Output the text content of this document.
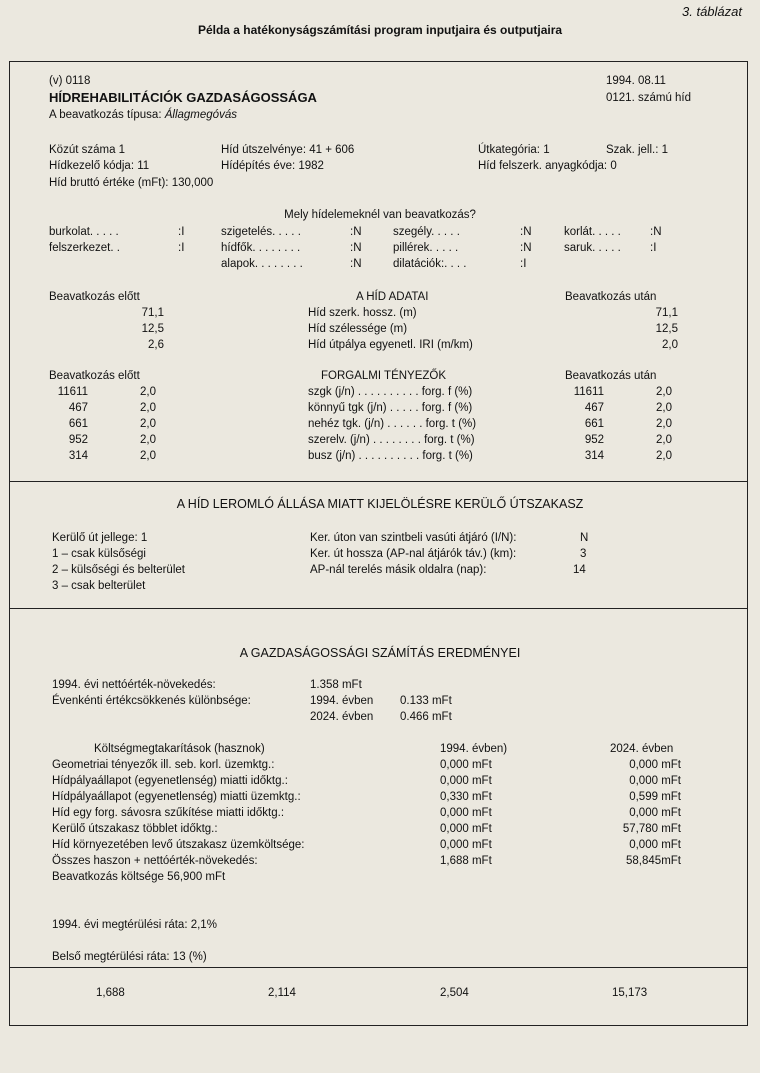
3. táblázat
Példa a hatékonyságszámítási program inputjaira és outputjaira
(v) 0118	1994. 08.11
HÍDREHABILITÁCIÓK GAZDASÁGOSSÁGA	0121. számú híd
A beavatkozás típusa: Állagmegóvás
Közút száma 1	Híd útszelvénye: 41 + 606	Útkategória: 1	Szak. jell.: 1
Hídkezelő kódja: 11	Hídépítés éve: 1982	Híd felszerk. anyagkódja: 0
Híd bruttó értéke (mFt): 130,000
Mely hídelemeknél van beavatkozás?
burkolat. . . . .	:I
felszerkezet. .	:I
szigetelés. . . . .	:N
hídfők. . . . . . . .	:N
alapok. . . . . . . .	:N
szegély. . . . .	:N
pillérek. . . . .	:N
dilatációk:. . . .	:I
korlát. . . . .	:N
saruk. . . . .	:I
Beavatkozás előtt	A HÍD ADATAI	Beavatkozás után
71,1	Híd szerk. hossz. (m)	71,1
12,5	Híd szélessége (m)	12,5
2,6	Híd útpálya egyenetl. IRI (m/km)	2,0
Beavatkozás előtt	FORGALMI TÉNYEZŐK	Beavatkozás után
11611	2,0	szgk (j/n) . . . . . . . . . . forg. f (%)	11611	2,0
467	2,0	könnyű tgk (j/n) . . . . . forg. f (%)	467	2,0
661	2,0	nehéz tgk. (j/n) . . . . . . forg. t (%)	661	2,0
952	2,0	szerelv. (j/n) . . . . . . . . forg. t (%)	952	2,0
314	2,0	busz (j/n) . . . . . . . . . . forg. t (%)	314	2,0
A HÍD LEROMLÓ ÁLLÁSA MIATT KIJELÖLÉSRE KERÜLŐ ÚTSZAKASZ
Kerülő út jellege: 1
1 – csak külsőségi
2 – külsőségi és belterület
3 – csak belterület
Ker. úton van szintbeli vasúti átjáró (I/N):	N
Ker. út hossza (AP-nal átjárók táv.) (km):	3
AP-nál terelés másik oldalra (nap):	14
A GAZDASÁGOSSÁGI SZÁMÍTÁS EREDMÉNYEI
1994. évi nettóérték-növekedés:	1.358 mFt
Évenkénti értékcsökkenés különbsége:	1994. évben 0.133 mFt
2024. évben 0.466 mFt
Költségmegtakarítások (hasznok)	1994. évben)	2024. évben
Geometriai tényezők ill. seb. korl. üzemktg.:	0,000 mFt	0,000 mFt
Hídpályaállapot (egyenetlenség) miatti időktg.:	0,000 mFt	0,000 mFt
Hídpályaállapot (egyenetlenség) miatti üzemktg.:	0,330 mFt	0,599 mFt
Híd egy forg. sávosra szűkítése miatti időktg.:	0,000 mFt	0,000 mFt
Kerülő útszakasz többlet időktg.:	0,000 mFt	57,780 mFt
Híd környezetében levő útszakasz üzemköltsége:	0,000 mFt	0,000 mFt
Összes haszon + nettóérték-növekedés:	1,688 mFt	58,845mFt
Beavatkozás költsége 56,900 mFt
1994. évi megtérülési ráta: 2,1%
Belső megtérülési ráta: 13 (%)
1,688	2,114	2,504	15,173
